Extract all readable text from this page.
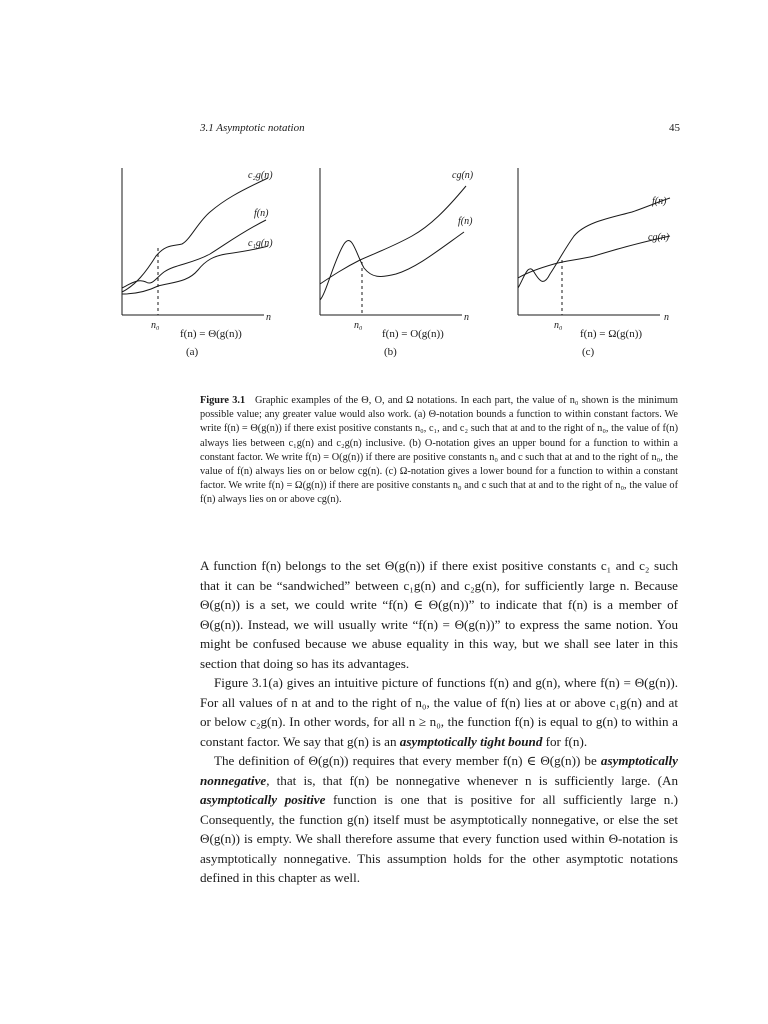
3.1 Asymptotic notation	45
c₂g(n)
f(n)
c₁g(n)
n
n₀
f(n) = Θ(g(n))
(a)
cg(n)
f(n)
n
n₀
f(n) = O(g(n))
(b)
f(n)
cg(n)
n
n₀
f(n) = Ω(g(n))
(c)
Figure 3.1 Graphic examples of the Θ, O, and Ω notations. In each part, the value of n₀ shown is the minimum possible value; any greater value would also work. (a) Θ-notation bounds a function to within constant factors. We write f(n) = Θ(g(n)) if there exist positive constants n₀, c₁, and c₂ such that at and to the right of n₀, the value of f(n) always lies between c₁g(n) and c₂g(n) inclusive. (b) O-notation gives an upper bound for a function to within a constant factor. We write f(n) = O(g(n)) if there are positive constants n₀ and c such that at and to the right of n₀, the value of f(n) always lies on or below cg(n). (c) Ω-notation gives a lower bound for a function to within a constant factor. We write f(n) = Ω(g(n)) if there are positive constants n₀ and c such that at and to the right of n₀, the value of f(n) always lies on or above cg(n).

A function f(n) belongs to the set Θ(g(n)) if there exist positive constants c₁ and c₂ such that it can be “sandwiched” between c₁g(n) and c₂g(n), for sufficiently large n. Because Θ(g(n)) is a set, we could write “f(n) ∈ Θ(g(n))” to indicate that f(n) is a member of Θ(g(n)). Instead, we will usually write “f(n) = Θ(g(n))” to express the same notion. You might be confused because we abuse equality in this way, but we shall see later in this section that doing so has its advantages.

Figure 3.1(a) gives an intuitive picture of functions f(n) and g(n), where f(n) = Θ(g(n)). For all values of n at and to the right of n₀, the value of f(n) lies at or above c₁g(n) and at or below c₂g(n). In other words, for all n ≥ n₀, the function f(n) is equal to g(n) to within a constant factor. We say that g(n) is an asymptotically tight bound for f(n).

The definition of Θ(g(n)) requires that every member f(n) ∈ Θ(g(n)) be asymptotically nonnegative, that is, that f(n) be nonnegative whenever n is sufficiently large. (An asymptotically positive function is one that is positive for all sufficiently large n.) Consequently, the function g(n) itself must be asymptotically nonnegative, or else the set Θ(g(n)) is empty. We shall therefore assume that every function used within Θ-notation is asymptotically nonnegative. This assumption holds for the other asymptotic notations defined in this chapter as well.
